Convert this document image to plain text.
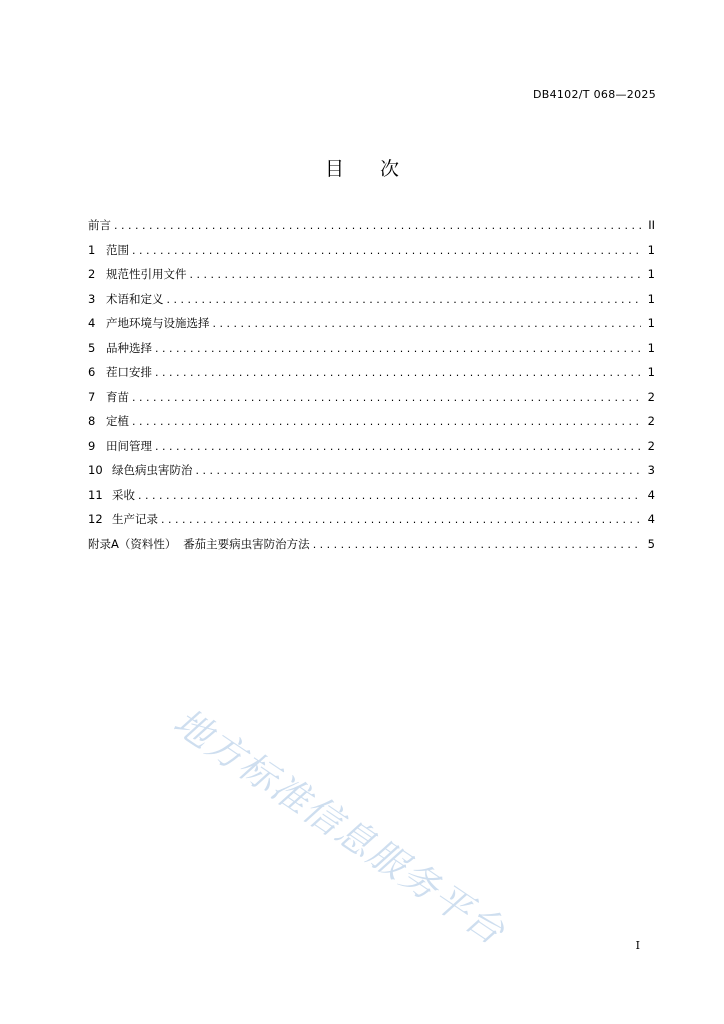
DB4102/T 068—2025
目 次
前言 . . .	II
1 范围 . . .	1
2 规范性引用文件 . . .	1
3 术语和定义 . . .	1
4 产地环境与设施选择 . . .	1
5 品种选择 . . .	1
6 茬口安排 . . .	1
7 育苗 . . .	2
8 定植 . . .	2
9 田间管理 . . .	2
10 绿色病虫害防治 . . .	3
11 采收 . . .	4
12 生产记录 . . .	4
附录A（资料性） 番茄主要病虫害防治方法 . . .	5
地方标准信息服务平台	I
